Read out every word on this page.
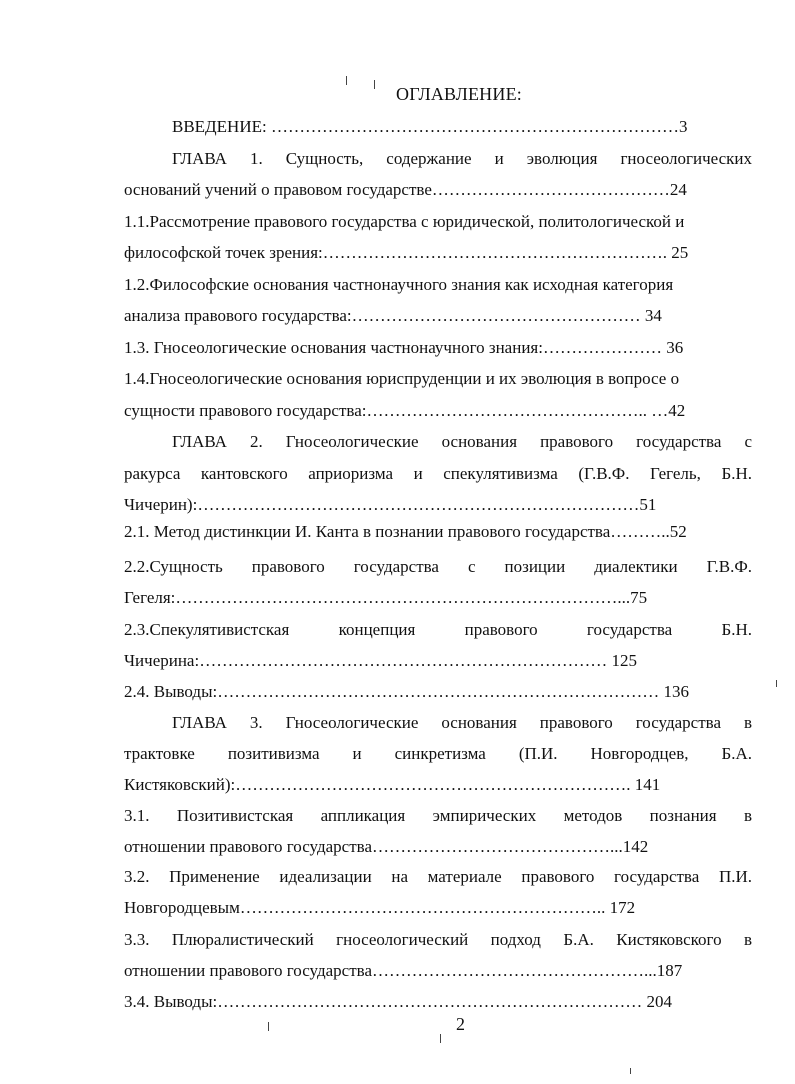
ОГЛАВЛЕНИЕ:
ВВЕДЕНИЕ: ………………………………………………………………3
ГЛАВА 1. Сущность, содержание и эволюция гносеологических
оснований учений о правовом государстве……………………………………24
1.1.Рассмотрение правового государства с юридической, политологической и
философской точек зрения:……………………………………………………. 25
1.2.Философские основания частнонаучного знания как исходная категория
анализа правового государства:…………………………………………… 34
1.3. Гносеологические основания частнонаучного знания:………………… 36
1.4.Гносеологические основания юриспруденции и их эволюция в вопросе о
сущности правового государства:………………………………………….. …42
ГЛАВА 2. Гносеологические основания правового государства с
ракурса кантовского априоризма и спекулятивизма (Г.В.Ф. Гегель, Б.Н.
Чичерин):……………………………………………………………………51
2.1. Метод дистинкции И. Канта в познании правового государства………..52
2.2.Сущность правового государства с позиции диалектики Г.В.Ф.
Гегеля:……………………………………………………………………...75
2.3.Спекулятивистская концепция правового государства Б.Н.
Чичерина:……………………………………………………………… 125
2.4. Выводы:…………………………………………………………………… 136
ГЛАВА 3. Гносеологические основания правового государства в
трактовке позитивизма и синкретизма (П.И. Новгородцев, Б.А.
Кистяковский):……………………………………………………………. 141
3.1. Позитивистская аппликация эмпирических методов познания в
отношении правового государства……………………………………...142
3.2. Применение идеализации на материале правового государства П.И.
Новгородцевым……………………………………………………….. 172
3.3. Плюралистический гносеологический подход Б.А. Кистяковского в
отношении правового государства…………………………………………...187
3.4. Выводы:………………………………………………………………… 204
2
